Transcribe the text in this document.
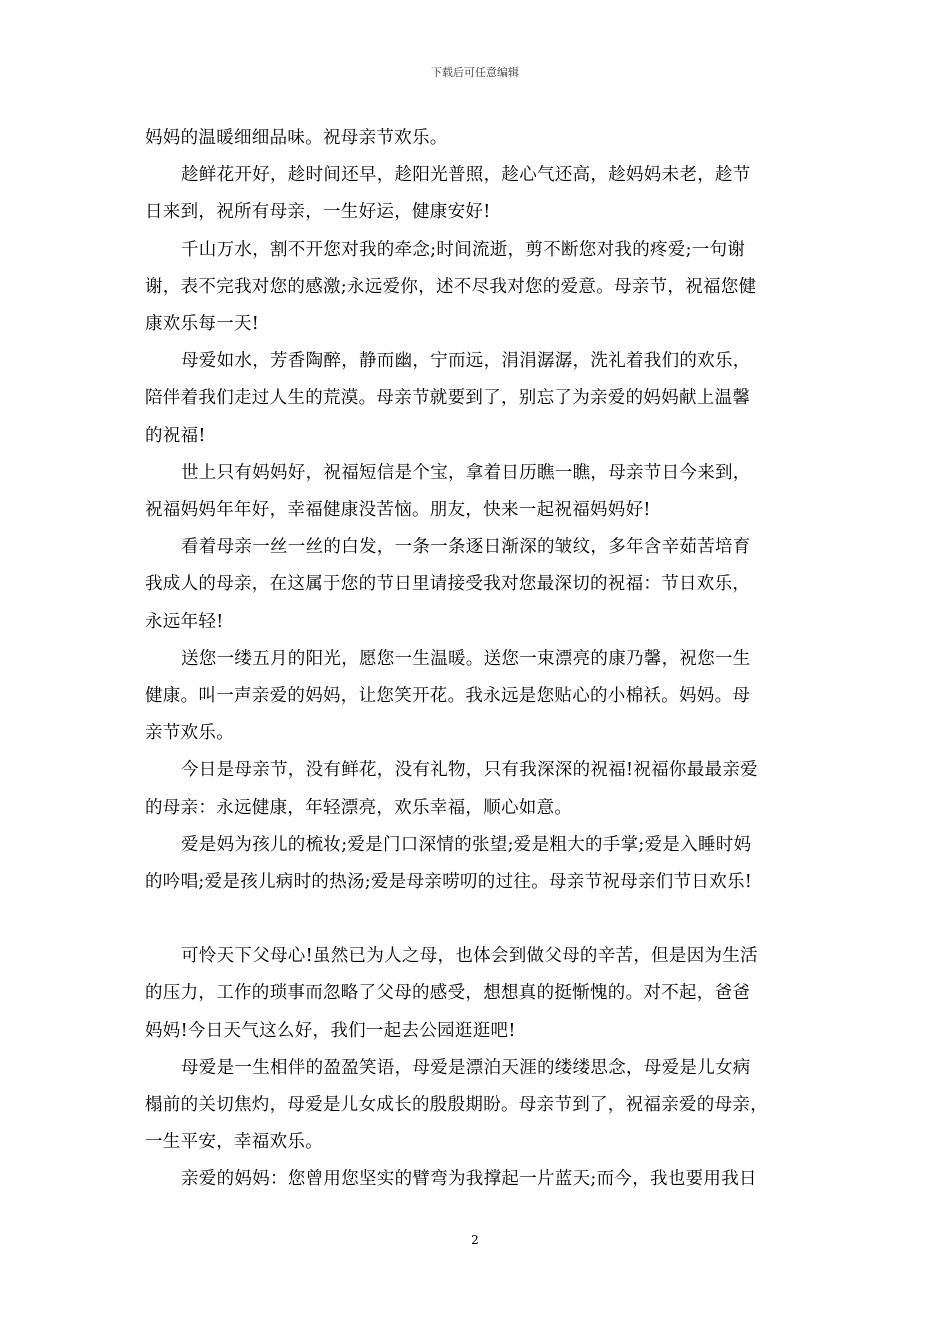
下载后可任意编辑

妈妈的温暖细细品味。祝母亲节欢乐。

趁鲜花开好，趁时间还早，趁阳光普照，趁心气还高，趁妈妈未老，趁节
日来到，祝所有母亲，一生好运，健康安好!

千山万水，割不开您对我的牵念;时间流逝，剪不断您对我的疼爱;一句谢
谢，表不完我对您的感激;永远爱你，述不尽我对您的爱意。母亲节，祝福您健
康欢乐每一天!

母爱如水，芳香陶醉，静而幽，宁而远，涓涓潺潺，洗礼着我们的欢乐，
陪伴着我们走过人生的荒漠。母亲节就要到了，别忘了为亲爱的妈妈献上温馨
的祝福!

世上只有妈妈好，祝福短信是个宝，拿着日历瞧一瞧，母亲节日今来到，
祝福妈妈年年好，幸福健康没苦恼。朋友，快来一起祝福妈妈好!

看着母亲一丝一丝的白发，一条一条逐日渐深的皱纹，多年含辛茹苦培育
我成人的母亲，在这属于您的节日里请接受我对您最深切的祝福：节日欢乐，
永远年轻!

送您一缕五月的阳光，愿您一生温暖。送您一束漂亮的康乃馨，祝您一生
健康。叫一声亲爱的妈妈，让您笑开花。我永远是您贴心的小棉袄。妈妈。母
亲节欢乐。

今日是母亲节，没有鲜花，没有礼物，只有我深深的祝福!祝福你最最亲爱
的母亲：永远健康，年轻漂亮，欢乐幸福，顺心如意。

爱是妈为孩儿的梳妆;爱是门口深情的张望;爱是粗大的手掌;爱是入睡时妈
的吟唱;爱是孩儿病时的热汤;爱是母亲唠叨的过往。母亲节祝母亲们节日欢乐!

可怜天下父母心!虽然已为人之母，也体会到做父母的辛苦，但是因为生活
的压力，工作的琐事而忽略了父母的感受，想想真的挺惭愧的。对不起，爸爸
妈妈!今日天气这么好，我们一起去公园逛逛吧!

母爱是一生相伴的盈盈笑语，母爱是漂泊天涯的缕缕思念，母爱是儿女病
榻前的关切焦灼，母爱是儿女成长的殷殷期盼。母亲节到了，祝福亲爱的母亲，
一生平安，幸福欢乐。

亲爱的妈妈：您曾用您坚实的臂弯为我撑起一片蓝天;而今，我也要用我日

2
